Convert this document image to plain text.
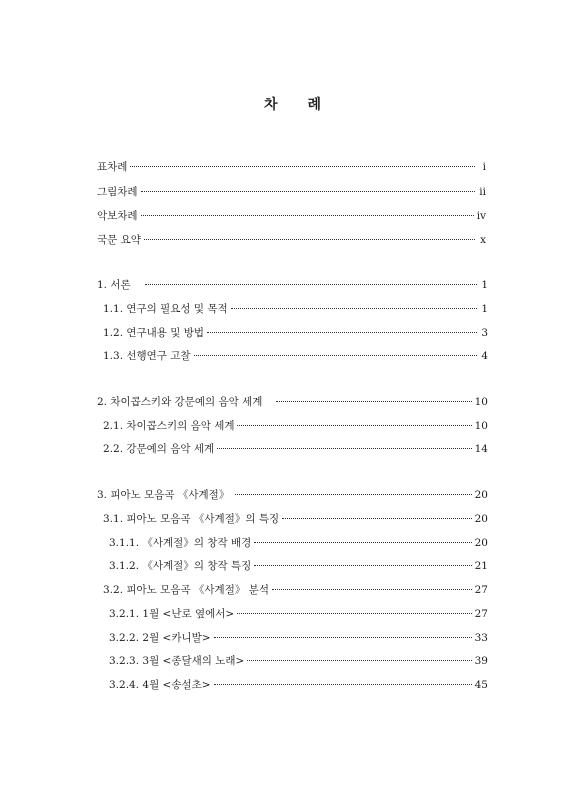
차 례
표차례	i
그림차례	ii
악보차례	ⅳ
국문 요약	x
1. 서론	1
1.1. 연구의 필요성 및 목적	1
1.2. 연구내용 및 방법	3
1.3. 선행연구 고찰	4
2. 차이콥스키와 강문예의 음악 세계	10
2.1. 차이콥스키의 음악 세계	10
2.2. 강문예의 음악 세계	14
3. 피아노 모음곡 《사계절》	20
3.1. 피아노 모음곡 《사계절》의 특징	20
3.1.1. 《사계절》의 창작 배경	20
3.1.2. 《사계절》의 창작 특징	21
3.2. 피아노 모음곡 《사계절》 분석	27
3.2.1. 1월 <난로 옆에서>	27
3.2.2. 2월 <카니발>	33
3.2.3. 3월 <종달새의 노래>	39
3.2.4. 4월 <송설초>	45
